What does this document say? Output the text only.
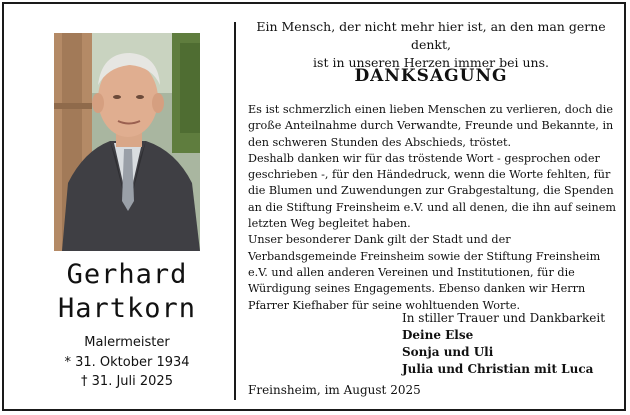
Gerhard
Hartkorn
Malermeister
* 31. Oktober 1934
† 31. Juli 2025
Ein Mensch, der nicht mehr hier ist, an den man gerne denkt,
ist in unseren Herzen immer bei uns.
DANKSAGUNG

Es ist schmerzlich einen lieben Menschen zu verlieren, doch die große Anteilnahme durch Verwandte, Freunde und Bekannte, in den schweren Stunden des Abschieds, tröstet.

Deshalb danken wir für das tröstende Wort - gesprochen oder geschrieben -, für den Händedruck, wenn die Worte fehlten, für die Blumen und Zuwendungen zur Grabgestaltung, die Spenden an die Stiftung Freinsheim e.V. und all denen, die ihn auf seinem letzten Weg begleitet haben.

Unser besonderer Dank gilt der Stadt und der Verbandsgemeinde Freinsheim sowie der Stiftung Freinsheim e.V. und allen anderen Vereinen und Institutionen, für die Würdigung seines Engagements. Ebenso danken wir Herrn Pfarrer Kiefhaber für seine wohltuenden Worte.

In stiller Trauer und Dankbarkeit
Deine Else
Sonja und Uli
Julia und Christian mit Luca
Freinsheim, im August 2025
